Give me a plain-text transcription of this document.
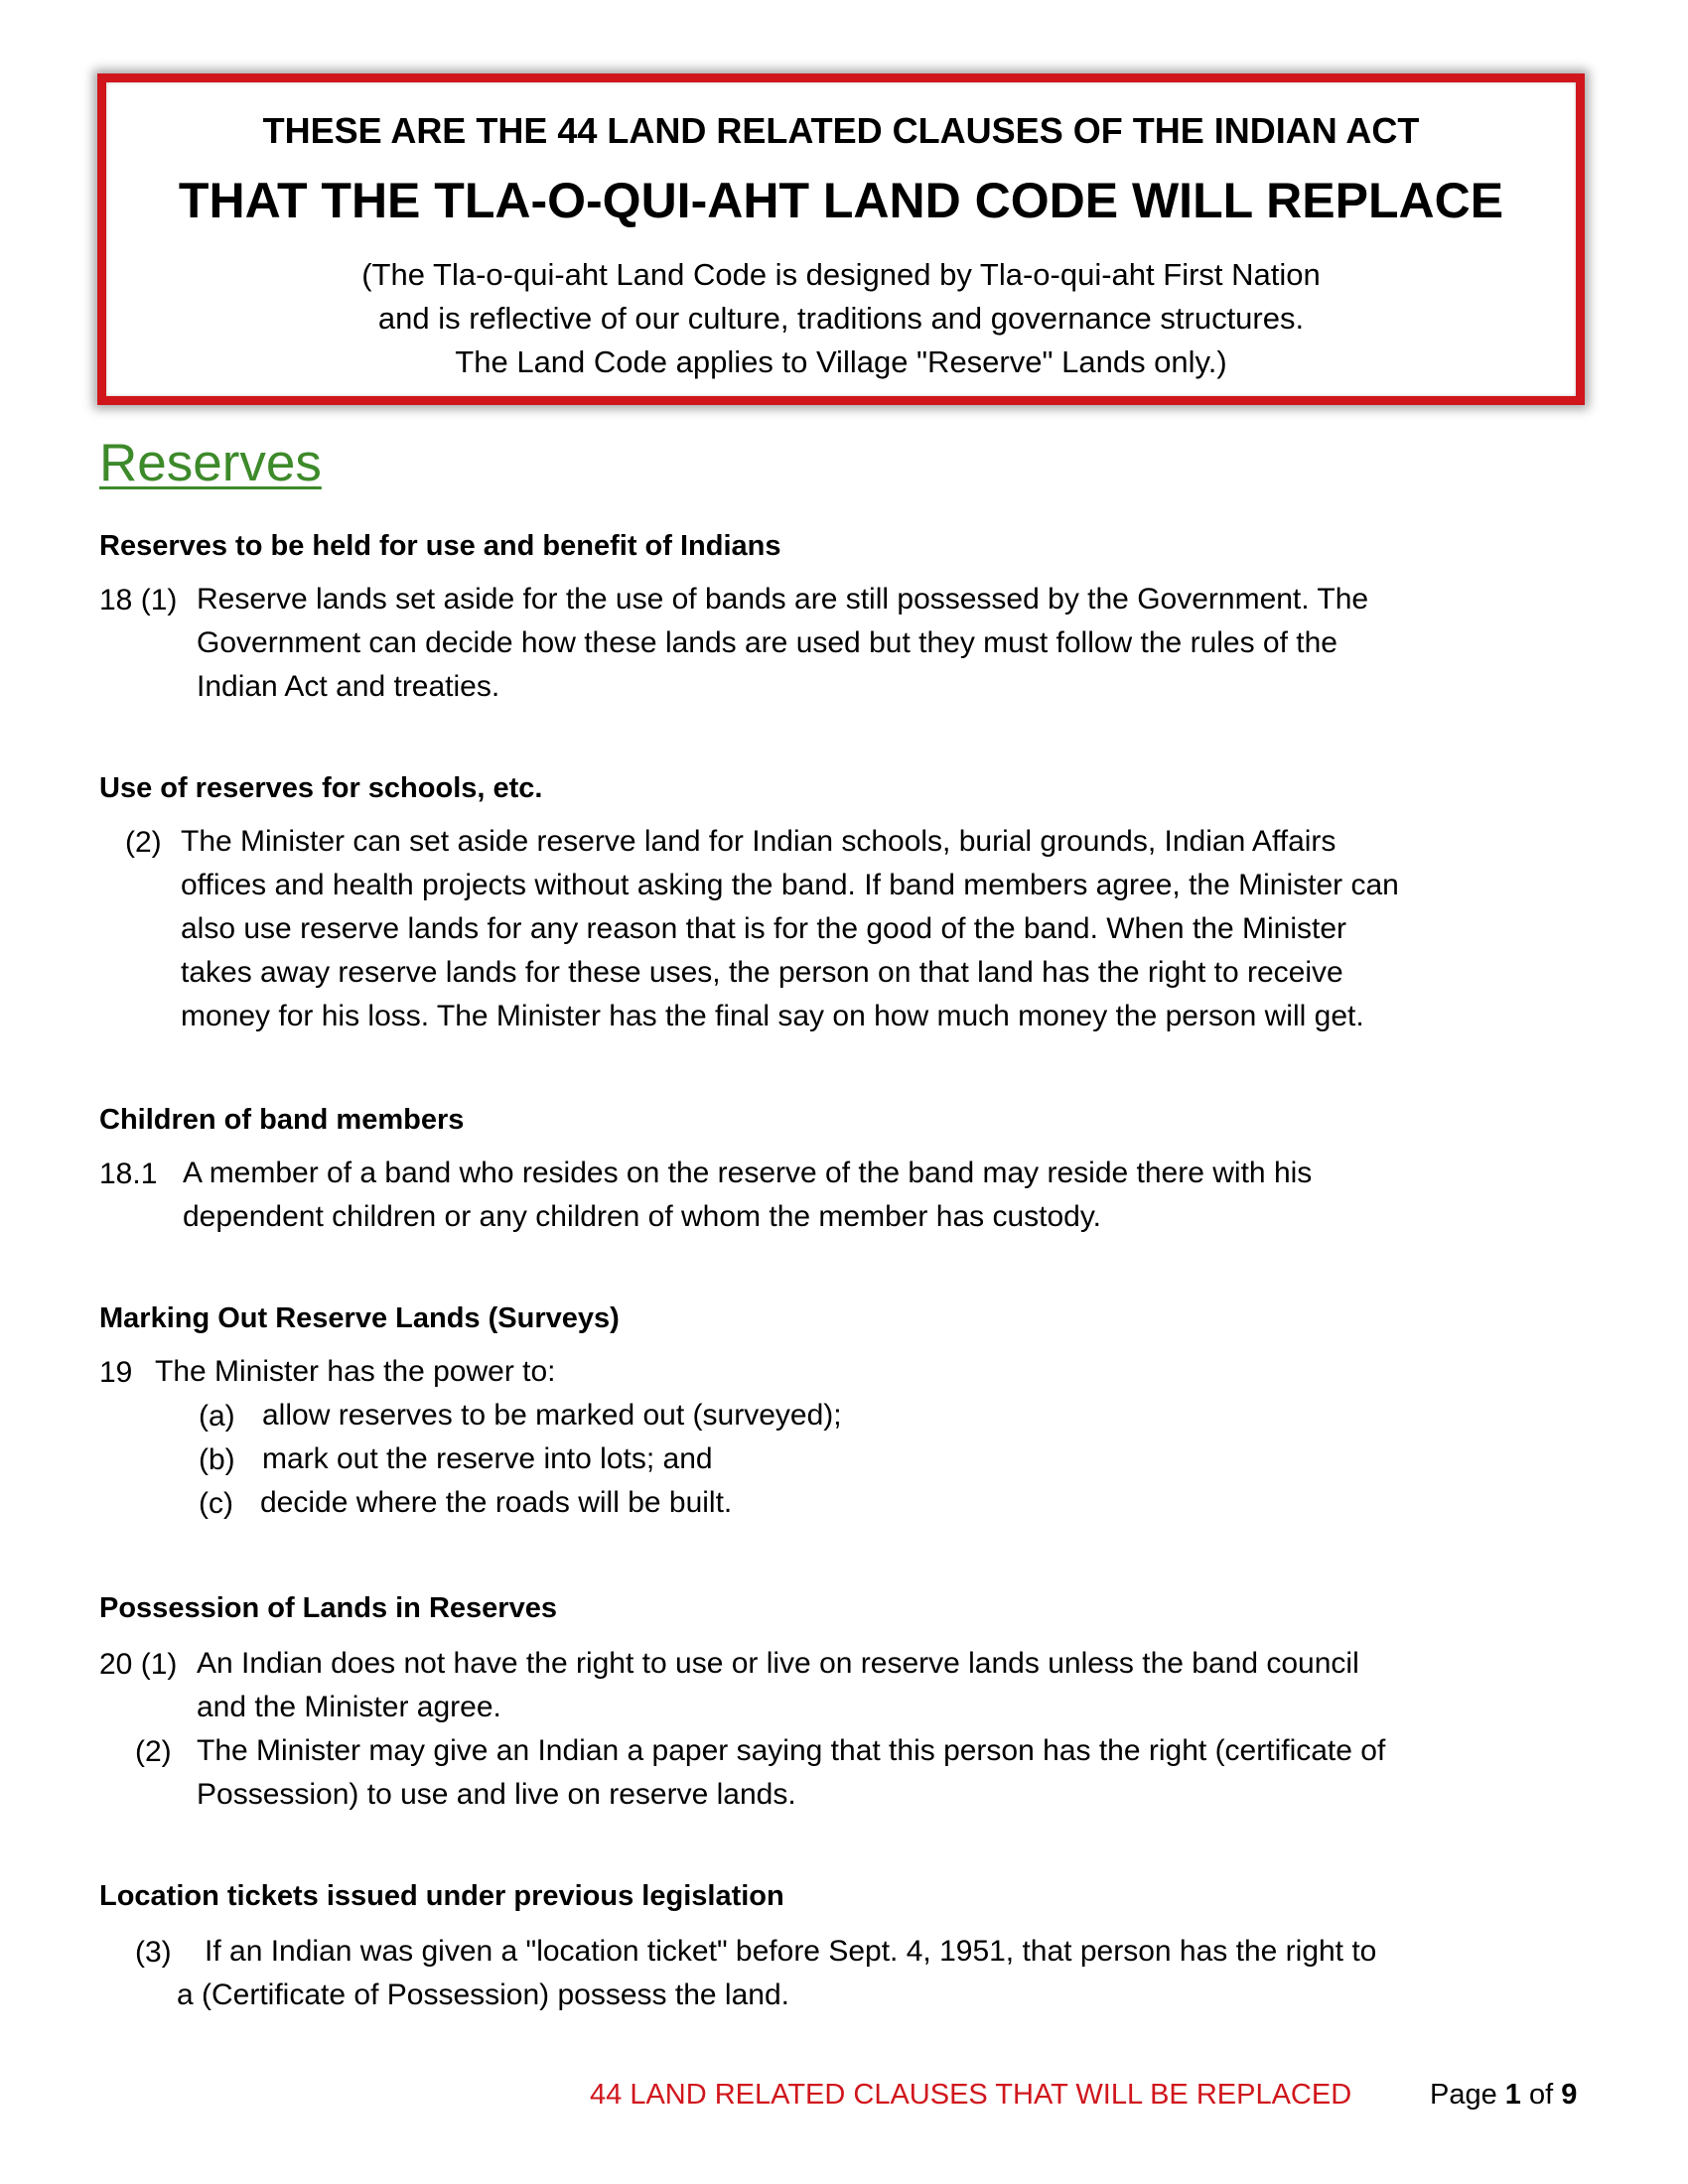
THESE ARE THE 44 LAND RELATED CLAUSES OF THE INDIAN ACT
THAT THE TLA-O-QUI-AHT LAND CODE WILL REPLACE
(The Tla-o-qui-aht Land Code is designed by Tla-o-qui-aht First Nation
and is reflective of our culture, traditions and governance structures.
The Land Code applies to Village "Reserve" Lands only.)
Reserves
Reserves to be held for use and benefit of Indians
18 (1) Reserve lands set aside for the use of bands are still possessed by the Government. The
Government can decide how these lands are used but they must follow the rules of the
Indian Act and treaties.
Use of reserves for schools, etc.
(2) The Minister can set aside reserve land for Indian schools, burial grounds, Indian Affairs
offices and health projects without asking the band. If band members agree, the Minister can
also use reserve lands for any reason that is for the good of the band. When the Minister
takes away reserve lands for these uses, the person on that land has the right to receive
money for his loss. The Minister has the final say on how much money the person will get.
Children of band members
18.1 A member of a band who resides on the reserve of the band may reside there with his
dependent children or any children of whom the member has custody.
Marking Out Reserve Lands (Surveys)
19 The Minister has the power to:
(a) allow reserves to be marked out (surveyed);
(b) mark out the reserve into lots; and
(c) decide where the roads will be built.
Possession of Lands in Reserves
20 (1) An Indian does not have the right to use or live on reserve lands unless the band council
and the Minister agree.
(2) The Minister may give an Indian a paper saying that this person has the right (certificate of
Possession) to use and live on reserve lands.
Location tickets issued under previous legislation
(3) If an Indian was given a "location ticket" before Sept. 4, 1951, that person has the right to
a (Certificate of Possession) possess the land.
44 LAND RELATED CLAUSES THAT WILL BE REPLACED	Page 1 of 9
